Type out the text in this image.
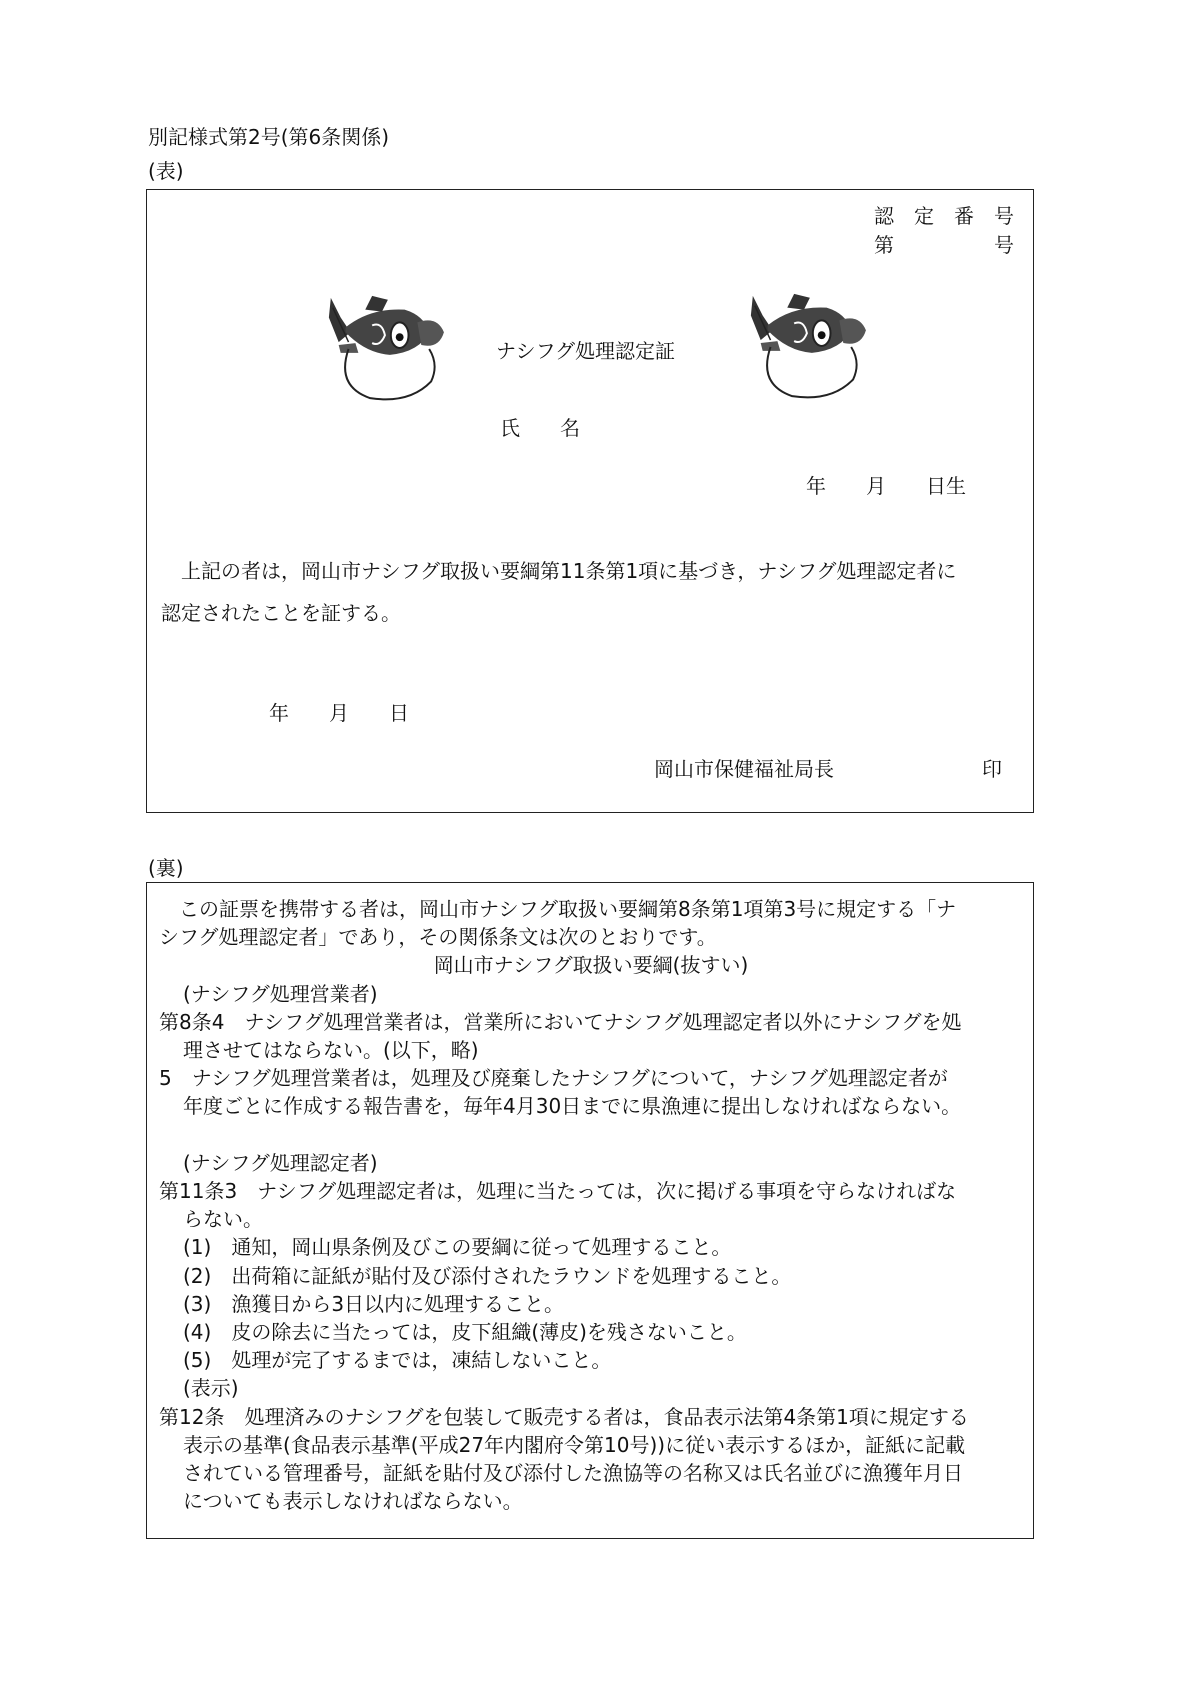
別記様式第2号(第6条関係)
(表)
認　定　番　号
第　　　　　号
ナシフグ処理認定証
氏　　名
年　　月　　日生
　上記の者は，岡山市ナシフグ取扱い要綱第11条第1項に基づき，ナシフグ処理認定者に
認定されたことを証する。
年　　月　　日
岡山市保健福祉局長	印
(裏)
　この証票を携帯する者は，岡山市ナシフグ取扱い要綱第8条第1項第3号に規定する「ナ
シフグ処理認定者」であり，その関係条文は次のとおりです。
岡山市ナシフグ取扱い要綱(抜すい)
(ナシフグ処理営業者)
第8条4　ナシフグ処理営業者は，営業所においてナシフグ処理認定者以外にナシフグを処
理させてはならない。(以下，略)
5　ナシフグ処理営業者は，処理及び廃棄したナシフグについて，ナシフグ処理認定者が
年度ごとに作成する報告書を，毎年4月30日までに県漁連に提出しなければならない。

(ナシフグ処理認定者)
第11条3　ナシフグ処理認定者は，処理に当たっては，次に掲げる事項を守らなければな
らない。
(1)　通知，岡山県条例及びこの要綱に従って処理すること。
(2)　出荷箱に証紙が貼付及び添付されたラウンドを処理すること。
(3)　漁獲日から3日以内に処理すること。
(4)　皮の除去に当たっては，皮下組織(薄皮)を残さないこと。
(5)　処理が完了するまでは，凍結しないこと。
(表示)
第12条　処理済みのナシフグを包装して販売する者は，食品表示法第4条第1項に規定する
表示の基準(食品表示基準(平成27年内閣府令第10号))に従い表示するほか，証紙に記載
されている管理番号，証紙を貼付及び添付した漁協等の名称又は氏名並びに漁獲年月日
についても表示しなければならない。
